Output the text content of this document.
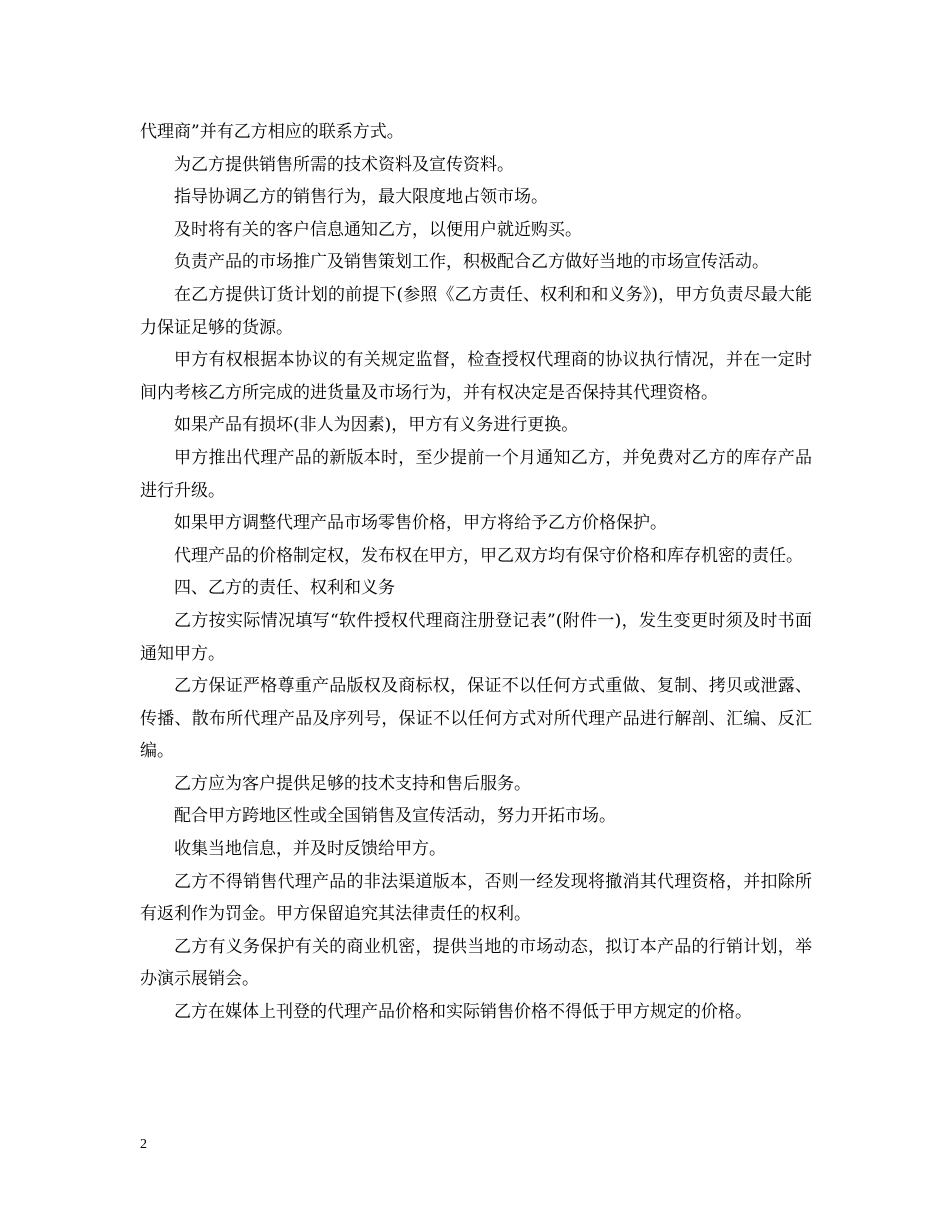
代理商”并有乙方相应的联系方式。

为乙方提供销售所需的技术资料及宣传资料。

指导协调乙方的销售行为，最大限度地占领市场。

及时将有关的客户信息通知乙方，以便用户就近购买。

负责产品的市场推广及销售策划工作，积极配合乙方做好当地的市场宣传活动。

在乙方提供订货计划的前提下(参照《乙方责任、权利和和义务》)，甲方负责尽最大能力保证足够的货源。

甲方有权根据本协议的有关规定监督，检查授权代理商的协议执行情况，并在一定时间内考核乙方所完成的进货量及市场行为，并有权决定是否保持其代理资格。

如果产品有损坏(非人为因素)，甲方有义务进行更换。

甲方推出代理产品的新版本时，至少提前一个月通知乙方，并免费对乙方的库存产品进行升级。

如果甲方调整代理产品市场零售价格，甲方将给予乙方价格保护。

代理产品的价格制定权，发布权在甲方，甲乙双方均有保守价格和库存机密的责任。

四、乙方的责任、权利和义务

乙方按实际情况填写“软件授权代理商注册登记表”(附件一)，发生变更时须及时书面通知甲方。

乙方保证严格尊重产品版权及商标权，保证不以任何方式重做、复制、拷贝或泄露、传播、散布所代理产品及序列号，保证不以任何方式对所代理产品进行解剖、汇编、反汇编。

乙方应为客户提供足够的技术支持和售后服务。

配合甲方跨地区性或全国销售及宣传活动，努力开拓市场。

收集当地信息，并及时反馈给甲方。

乙方不得销售代理产品的非法渠道版本，否则一经发现将撤消其代理资格，并扣除所有返利作为罚金。甲方保留追究其法律责任的权利。

乙方有义务保护有关的商业机密，提供当地的市场动态，拟订本产品的行销计划，举办演示展销会。

乙方在媒体上刊登的代理产品价格和实际销售价格不得低于甲方规定的价格。

2
